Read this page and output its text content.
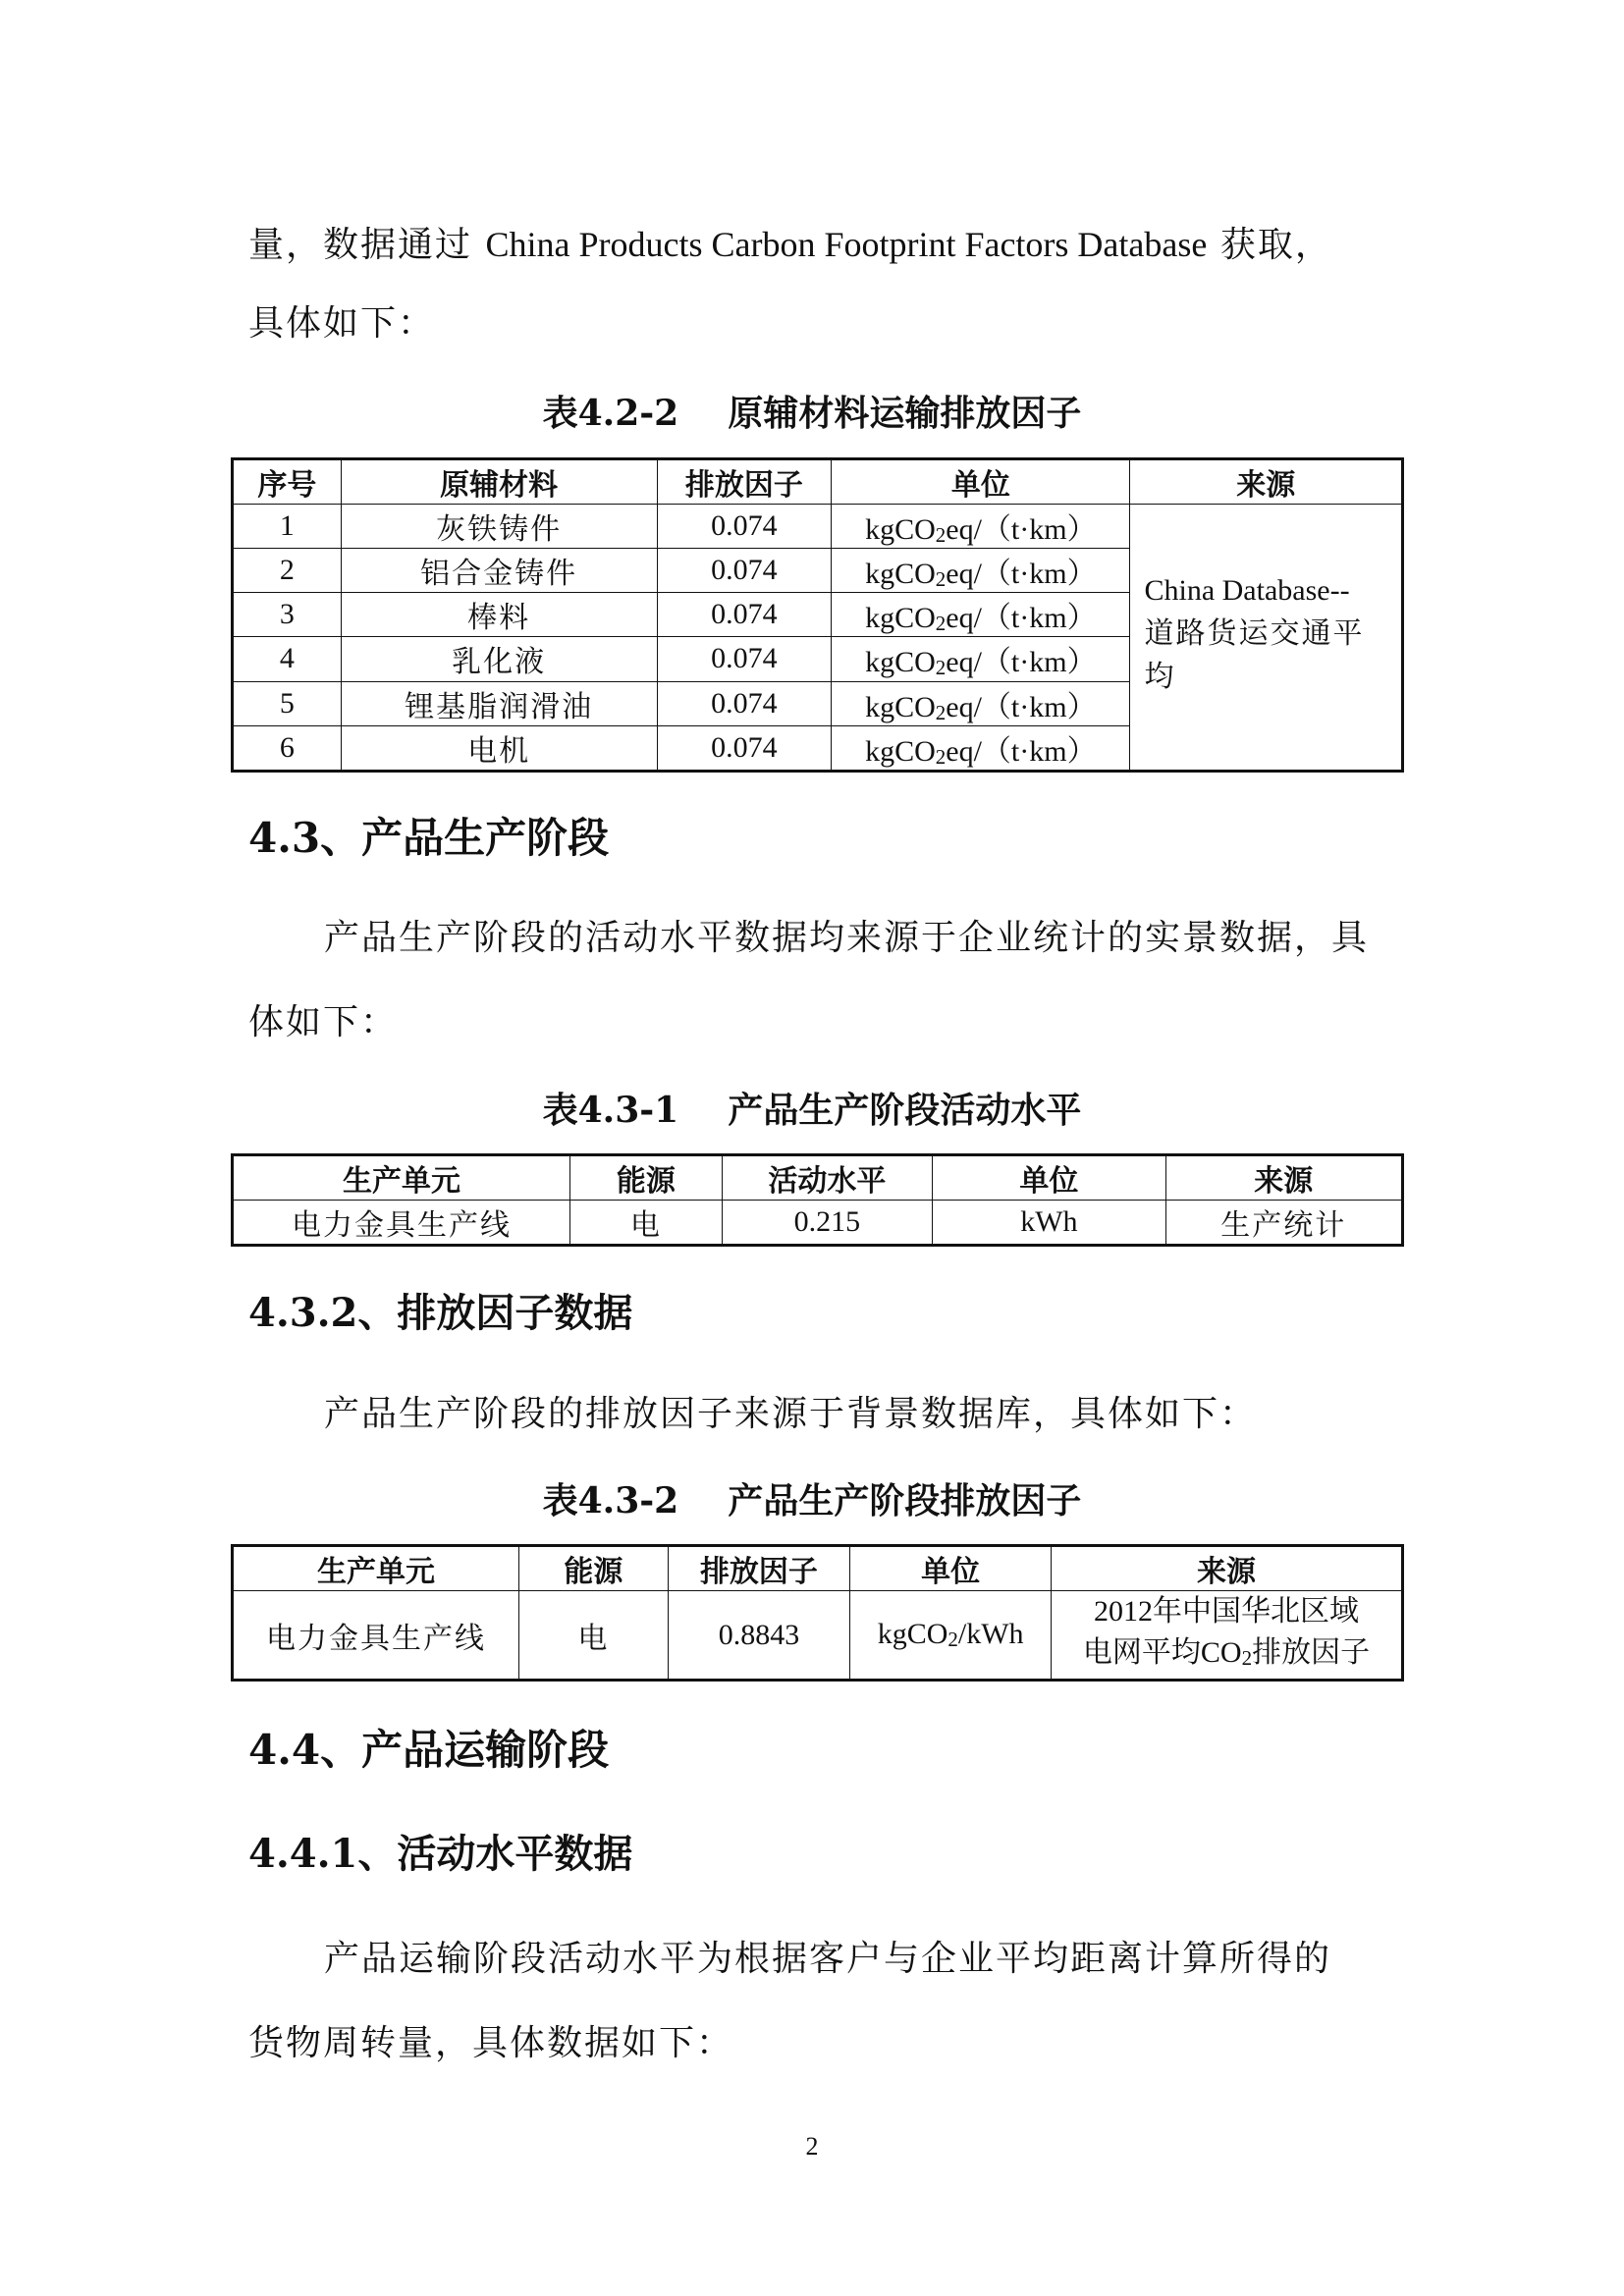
量，数据通过 China Products Carbon Footprint Factors Database 获取，
具体如下：
表4.2-2    原辅材料运输排放因子
序号	原辅材料	排放因子	单位	来源
1	灰铁铸件	0.074	kgCO$_2$eq/（t·km）	China Database--
道路货运交通平
均

2	铝合金铸件	0.074	kgCO$_2$eq/（t·km）	
3	棒料	0.074	kgCO$_2$eq/（t·km）	
4	乳化液	0.074	kgCO$_2$eq/（t·km）	
5	锂基脂润滑油	0.074	kgCO$_2$eq/（t·km）	
6	电机	0.074	kgCO$_2$eq/（t·km）	
4.3、产品生产阶段
产品生产阶段的活动水平数据均来源于企业统计的实景数据，具
体如下：
表4.3-1    产品生产阶段活动水平
生产单元	能源	活动水平	单位	来源
电力金具生产线	电	0.215	kWh	生产统计
4.3.2、排放因子数据
产品生产阶段的排放因子来源于背景数据库，具体如下：
表4.3-2    产品生产阶段排放因子
生产单元	能源	排放因子	单位	来源
电力金具生产线	电	0.8843	kgCO$_2$/kWh	2012年中国华北区域
电网平均$CO_2$排放因子
4.4、产品运输阶段
4.4.1、活动水平数据
产品运输阶段活动水平为根据客户与企业平均距离计算所得的
货物周转量，具体数据如下：
2
